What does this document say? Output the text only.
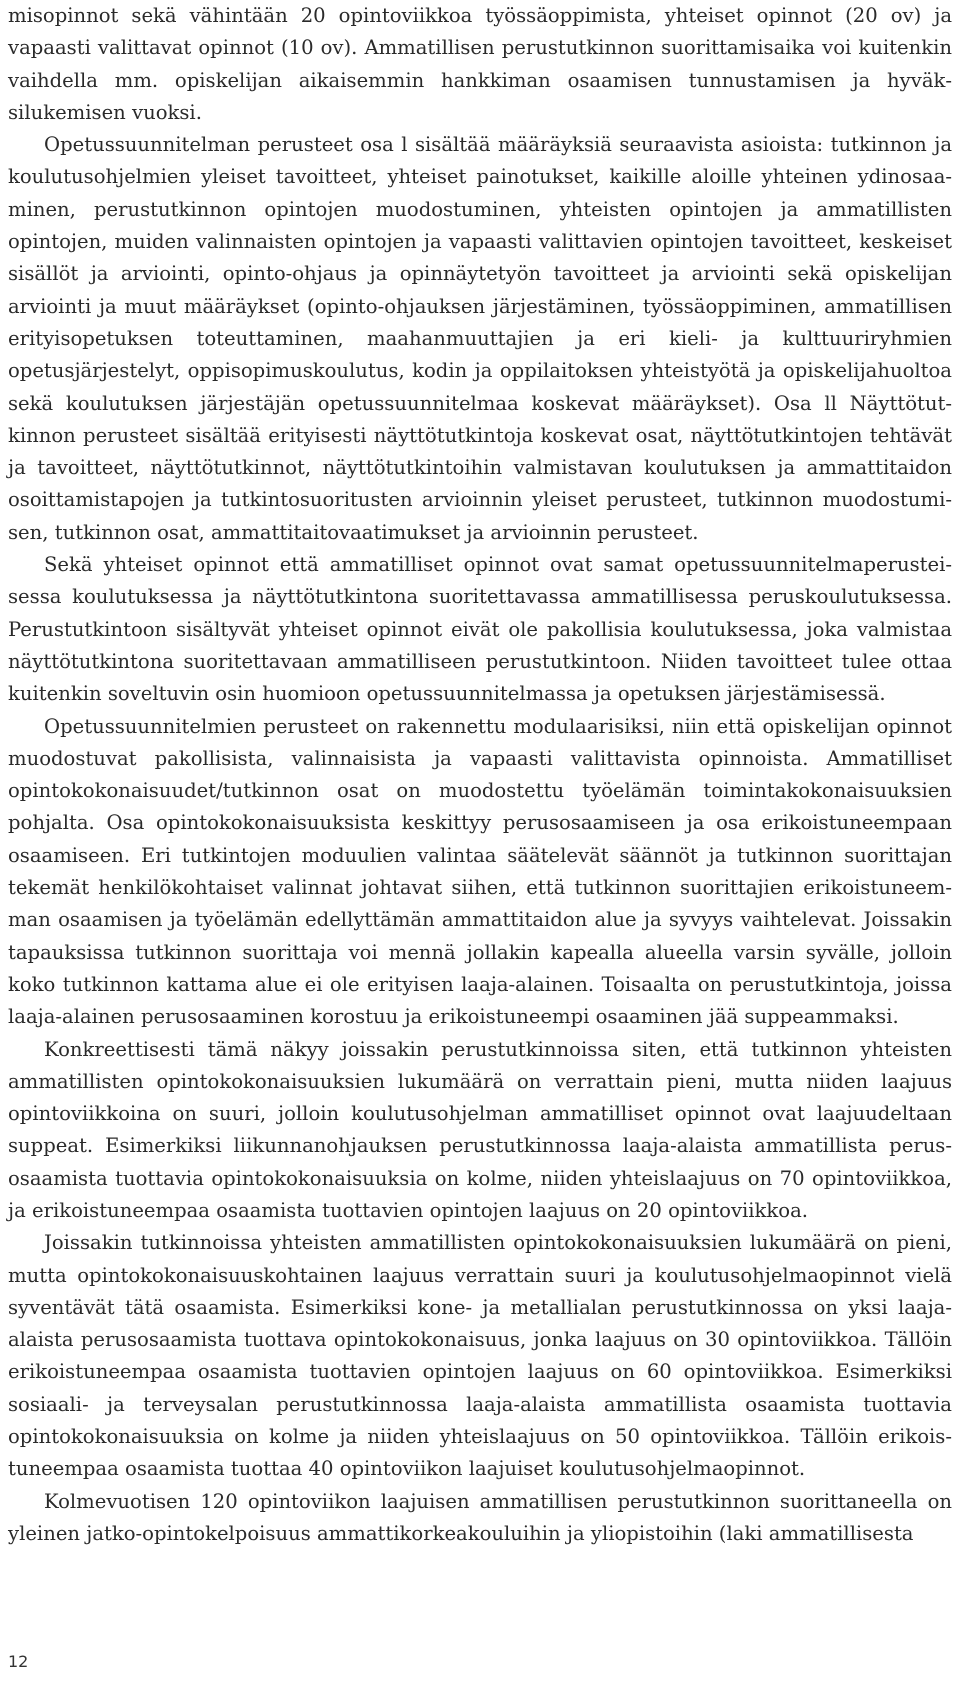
misopinnot sekä vähintään 20 opintoviikkoa työssäoppimista, yhteiset opinnot (20 ov) ja vapaasti valittavat opinnot (10 ov). Ammatillisen perustutkinnon suorittamisaika voi kuitenkin vaihdella mm. opiskelijan aikaisemmin hankkiman osaamisen tunnustamisen ja hyväksilukemisen vuoksi.

Opetussuunnitelman perusteet osa l sisältää määräyksiä seuraavista asioista: tutkinnon ja koulutusohjelmien yleiset tavoitteet, yhteiset painotukset, kaikille aloille yhteinen ydinosaaminen, perustutkinnon opintojen muodostuminen, yhteisten opintojen ja ammatillisten opintojen, muiden valinnaisten opintojen ja vapaasti valittavien opintojen tavoitteet, keskeiset sisällöt ja arviointi, opinto-ohjaus ja opinnäytetyön tavoitteet ja arviointi sekä opiskelijan arviointi ja muut määräykset (opinto-ohjauksen järjestäminen, työssäoppiminen, ammatillisen erityisopetuksen toteuttaminen, maahanmuuttajien ja eri kieli- ja kulttuuriryhmien opetusjärjestelyt, oppisopimuskoulutus, kodin ja oppilaitoksen yhteistyötä ja opiskelijahuoltoa sekä koulutuksen järjestäjän opetussuunnitelmaa koskevat määräykset). Osa ll Näyttötutkinnon perusteet sisältää erityisesti näyttötutkintoja koskevat osat, näyttötutkintojen tehtävät ja tavoitteet, näyttötutkinnot, näyttötutkintoihin valmistavan koulutuksen ja ammattitaidon osoittamistapojen ja tutkintosuoritusten arvioinnin yleiset perusteet, tutkinnon muodostumisen, tutkinnon osat, ammattitaitovaatimukset ja arvioinnin perusteet.

Sekä yhteiset opinnot että ammatilliset opinnot ovat samat opetussuunnitelmaperusteisessa koulutuksessa ja näyttötutkintona suoritettavassa ammatillisessa peruskoulutuksessa. Perustutkintoon sisältyvät yhteiset opinnot eivät ole pakollisia koulutuksessa, joka valmistaa näyttötutkintona suoritettavaan ammatilliseen perustutkintoon. Niiden tavoitteet tulee ottaa kuitenkin soveltuvin osin huomioon opetussuunnitelmassa ja opetuksen järjestämisessä.

Opetussuunnitelmien perusteet on rakennettu modulaarisiksi, niin että opiskelijan opinnot muodostuvat pakollisista, valinnaisista ja vapaasti valittavista opinnoista. Ammatilliset opintokokonaisuudet/tutkinnon osat on muodostettu työelämän toimintakokonaisuuksien pohjalta. Osa opintokokonaisuuksista keskittyy perusosaamiseen ja osa erikoistuneempaan osaamiseen. Eri tutkintojen moduulien valintaa säätelevät säännöt ja tutkinnon suorittajan tekemät henkilökohtaiset valinnat johtavat siihen, että tutkinnon suorittajien erikoistuneemman osaamisen ja työelämän edellyttämän ammattitaidon alue ja syvyys vaihtelevat. Joissakin tapauksissa tutkinnon suorittaja voi mennä jollakin kapealla alueella varsin syvälle, jolloin koko tutkinnon kattama alue ei ole erityisen laaja-alainen. Toisaalta on perustutkintoja, joissa laaja-alainen perusosaaminen korostuu ja erikoistuneempi osaaminen jää suppeammaksi.

Konkreettisesti tämä näkyy joissakin perustutkinnoissa siten, että tutkinnon yhteisten ammatillisten opintokokonaisuuksien lukumäärä on verrattain pieni, mutta niiden laajuus opintoviikkoina on suuri, jolloin koulutusohjelman ammatilliset opinnot ovat laajuudeltaan suppeat. Esimerkiksi liikunnanohjauksen perustutkinnossa laaja-alaista ammatillista perusosaamista tuottavia opintokokonaisuuksia on kolme, niiden yhteislaajuus on 70 opintoviikkoa, ja erikoistuneempaa osaamista tuottavien opintojen laajuus on 20 opintoviikkoa.

Joissakin tutkinnoissa yhteisten ammatillisten opintokokonaisuuksien lukumäärä on pieni, mutta opintokokonaisuuskohtainen laajuus verrattain suuri ja koulutusohjelmaopinnot vielä syventävät tätä osaamista. Esimerkiksi kone- ja metallialan perustutkinnossa on yksi laajaalaista perusosaamista tuottava opintokokonaisuus, jonka laajuus on 30 opintoviikkoa. Tällöin erikoistuneempaa osaamista tuottavien opintojen laajuus on 60 opintoviikkoa. Esimerkiksi sosiaali- ja terveysalan perustutkinnossa laaja-alaista ammatillista osaamista tuottavia opintokokonaisuuksia on kolme ja niiden yhteislaajuus on 50 opintoviikkoa. Tällöin erikoistuneempaa osaamista tuottaa 40 opintoviikon laajuiset koulutusohjelmaopinnot.

Kolmevuotisen 120 opintoviikon laajuisen ammatillisen perustutkinnon suorittaneella on yleinen jatko-opintokelpoisuus ammattikorkeakouluihin ja yliopistoihin (laki ammatillisesta

12
